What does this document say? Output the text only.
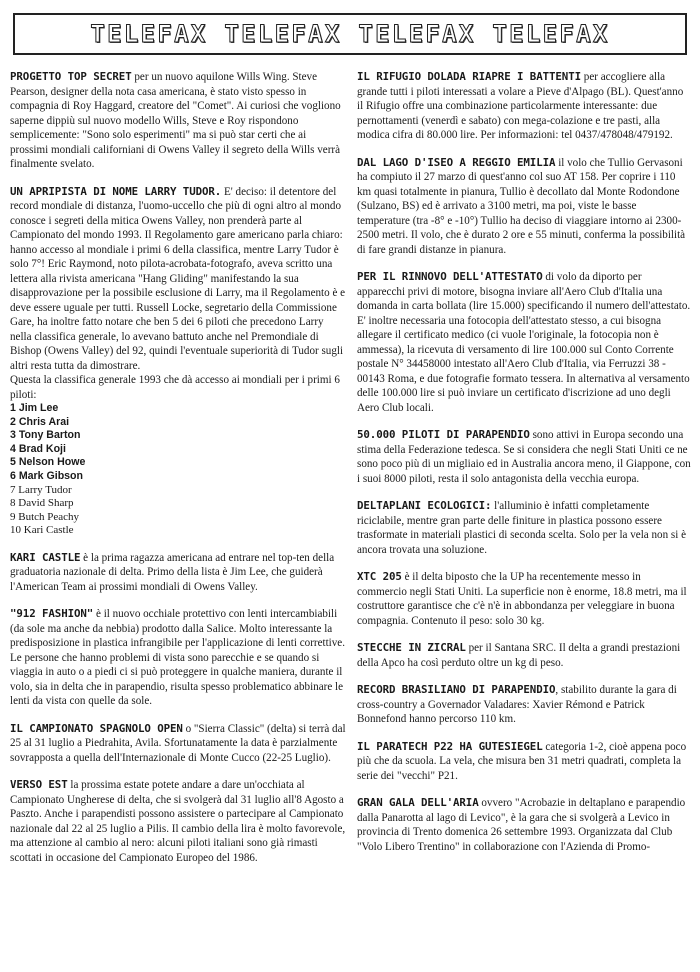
TELEFAX TELEFAX TELEFAX TELEFAX

PROGETTO TOP SECRET per un nuovo aquilone Wills Wing. Steve Pearson, designer della nota casa americana, è stato visto spesso in compagnia di Roy Haggard, creatore del "Comet". Ai curiosi che vogliono saperne dippiù sul nuovo modello Wills, Steve e Roy rispondono semplicemente: "Sono solo esperimenti" ma si può star certi che ai prossimi mondiali californiani di Owens Valley il segreto della Wills verrà finalmente svelato.

UN APRIPISTA DI NOME LARRY TUDOR. E' deciso: il detentore del record mondiale di distanza, l'uomo-uccello che più di ogni altro al mondo conosce i segreti della mitica Owens Valley, non prenderà parte al Campionato del mondo 1993. Il Regolamento gare americano parla chiaro: hanno accesso al mondiale i primi 6 della classifica, mentre Larry Tudor è solo 7°! Eric Raymond, noto pilota-acrobata-fotografo, aveva scritto una lettera alla rivista americana "Hang Gliding" manifestando la sua disapprovazione per la possibile esclusione di Larry, ma il Regolamento è e deve essere uguale per tutti. Russell Locke, segretario della Commissione Gare, ha inoltre fatto notare che ben 5 dei 6 piloti che precedono Larry nella classifica generale, lo avevano battuto anche nel Premondiale di Bishop (Owens Valley) del 92, quindi l'eventuale superiorità di Tudor sugli altri resta tutta da dimostrare.

Questa la classifica generale 1993 che dà accesso ai mondiali per i primi 6 piloti:

1 Jim Lee
2 Chris Arai
3 Tony Barton
4 Brad Koji
5 Nelson Howe
6 Mark Gibson
7 Larry Tudor
8 David Sharp
9 Butch Peachy
10 Kari Castle

KARI CASTLE è la prima ragazza americana ad entrare nel top-ten della graduatoria nazionale di delta. Primo della lista è Jim Lee, che guiderà l'American Team ai prossimi mondiali di Owens Valley.

"912 FASHION" è il nuovo occhiale protettivo con lenti intercambiabili (da sole ma anche da nebbia) prodotto dalla Salice. Molto interessante la predisposizione in plastica infrangibile per l'applicazione di lenti correttive. Le persone che hanno problemi di vista sono parecchie e se quando si viaggia in auto o a piedi ci si può proteggere in qualche maniera, durante il volo, sia in delta che in parapendio, risulta spesso problematico abbinare le lenti da vista con quelle da sole.

IL CAMPIONATO SPAGNOLO OPEN o "Sierra Classic" (delta) si terrà dal 25 al 31 luglio a Piedrahita, Avila. Sfortunatamente la data è parzialmente sovrapposta a quella dell'Internazionale di Monte Cucco (22-25 Luglio).

VERSO EST la prossima estate potete andare a dare un'occhiata al Campionato Ungherese di delta, che si svolgerà dal 31 luglio all'8 Agosto a Paszto. Anche i parapendisti possono assistere o partecipare al Campionato nazionale dal 22 al 25 luglio a Pilis. Il cambio della lira è molto favorevole, ma attenzione al cambio al nero: alcuni piloti italiani sono già rimasti scottati in occasione del Campionato Europeo del 1986.

IL RIFUGIO DOLADA RIAPRE I BATTENTI per accogliere alla grande tutti i piloti interessati a volare a Pieve d'Alpago (BL). Quest'anno il Rifugio offre una combinazione particolarmente interessante: due pernottamenti (venerdì e sabato) con mega-colazione e tre pasti, alla modica cifra di 80.000 lire. Per informazioni: tel 0437/478048/479192.

DAL LAGO D'ISEO A REGGIO EMILIA il volo che Tullio Gervasoni ha compiuto il 27 marzo di quest'anno col suo AT 158. Per coprire i 110 km quasi totalmente in pianura, Tullio è decollato dal Monte Rodondone (Sulzano, BS) ed è arrivato a 3100 metri, ma poi, viste le basse temperature (tra -8° e -10°) Tullio ha deciso di viaggiare intorno ai 2300-2500 metri. Il volo, che è durato 2 ore e 55 minuti, conferma la possibilità di fare grandi distanze in pianura.

PER IL RINNOVO DELL'ATTESTATO di volo da diporto per apparecchi privi di motore, bisogna inviare all'Aero Club d'Italia una domanda in carta bollata (lire 15.000) specificando il numero dell'attestato. E' inoltre necessaria una fotocopia dell'attestato stesso, a cui bisogna allegare il certificato medico (ci vuole l'originale, la fotocopia non è ammessa), la ricevuta di versamento di lire 100.000 sul Conto Corrente postale N° 34458000 intestato all'Aero Club d'Italia, via Ferruzzi 38 - 00143 Roma, e due fotografie formato tessera. In alternativa al versamento delle 100.000 lire si può inviare un certificato d'iscrizione ad uno degli Aero Club locali.

50.000 PILOTI DI PARAPENDIO sono attivi in Europa secondo una stima della Federazione tedesca. Se si considera che negli Stati Uniti ce ne sono poco più di un migliaio ed in Australia ancora meno, il Giappone, con i suoi 8000 piloti, resta il solo antagonista della vecchia europa.

DELTAPLANI ECOLOGICI: l'alluminio è infatti completamente riciclabile, mentre gran parte delle finiture in plastica possono essere trasformate in materiali plastici di seconda scelta. Solo per la vela non si è ancora trovata una soluzione.

XTC 205 è il delta biposto che la UP ha recentemente messo in commercio negli Stati Uniti. La superficie non è enorme, 18.8 metri, ma il costruttore garantisce che c'è n'è in abbondanza per veleggiare in buona compagnia. Contenuto il peso: solo 30 kg.

STECCHE IN ZICRAL per il Santana SRC. Il delta a grandi prestazioni della Apco ha così perduto oltre un kg di peso.

RECORD BRASILIANO DI PARAPENDIO, stabilito durante la gara di cross-country a Governador Valadares: Xavier Rémond e Patrick Bonnefond hanno percorso 110 km.

IL PARATECH P22 HA GUTESIEGEL categoria 1-2, cioè appena poco più che da scuola. La vela, che misura ben 31 metri quadrati, completa la serie dei "vecchi" P21.

GRAN GALA DELL'ARIA ovvero "Acrobazie in deltaplano e parapendio dalla Panarotta al lago di Levico", è la gara che si svolgerà a Levico in provincia di Trento domenica 26 settembre 1993. Organizzata dal Club "Volo Libero Trentino" in collaborazione con l'Azienda di Promo-
